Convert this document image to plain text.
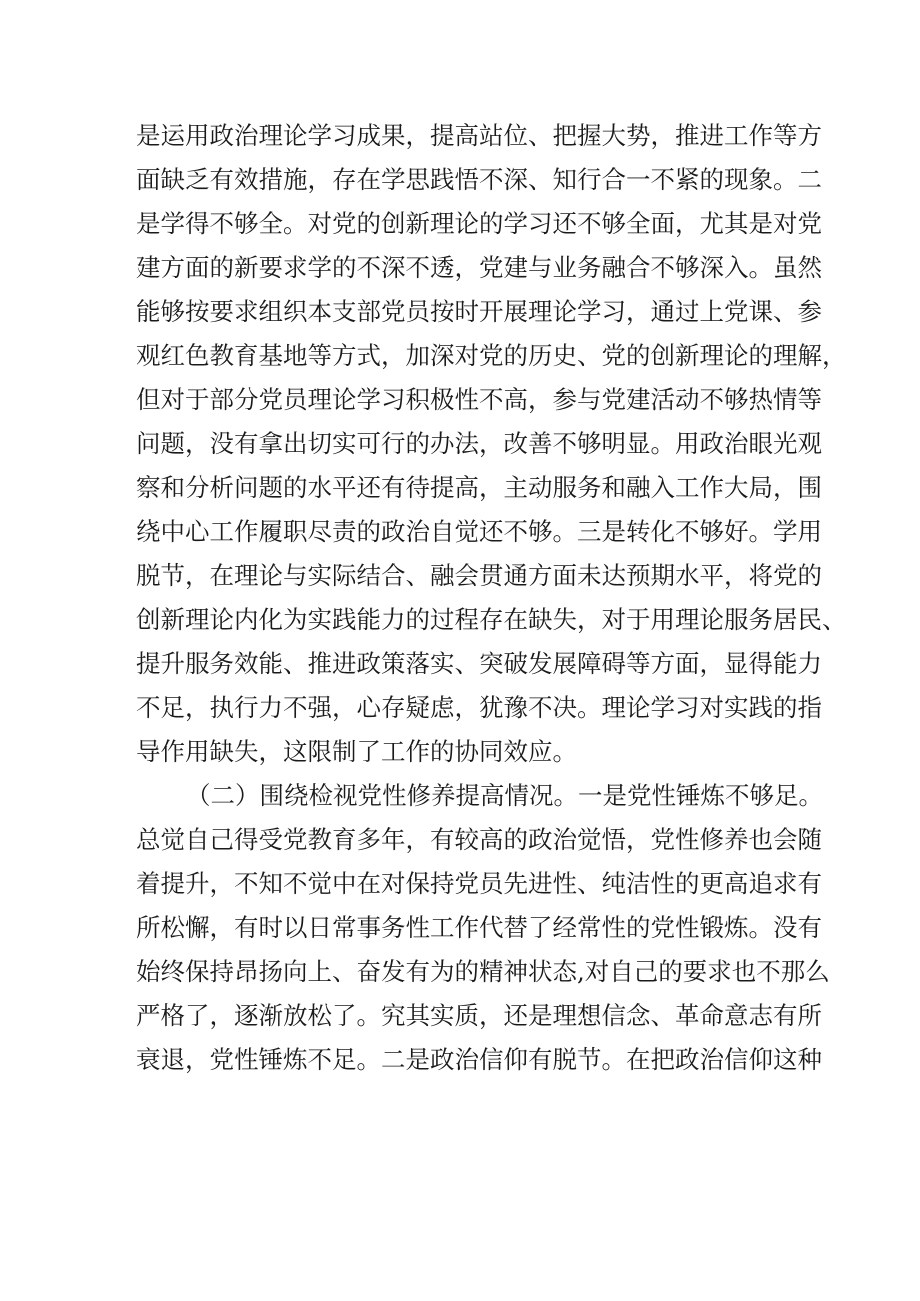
是运用政治理论学习成果，提高站位、把握大势，推进工作等方
面缺乏有效措施，存在学思践悟不深、知行合一不紧的现象。二
是学得不够全。对党的创新理论的学习还不够全面，尤其是对党
建方面的新要求学的不深不透，党建与业务融合不够深入。虽然
能够按要求组织本支部党员按时开展理论学习，通过上党课、参
观红色教育基地等方式，加深对党的历史、党的创新理论的理解，
但对于部分党员理论学习积极性不高，参与党建活动不够热情等
问题，没有拿出切实可行的办法，改善不够明显。用政治眼光观
察和分析问题的水平还有待提高，主动服务和融入工作大局，围
绕中心工作履职尽责的政治自觉还不够。三是转化不够好。学用
脱节，在理论与实际结合、融会贯通方面未达预期水平，将党的
创新理论内化为实践能力的过程存在缺失，对于用理论服务居民、
提升服务效能、推进政策落实、突破发展障碍等方面，显得能力
不足，执行力不强，心存疑虑，犹豫不决。理论学习对实践的指
导作用缺失，这限制了工作的协同效应。
（二）围绕检视党性修养提高情况。一是党性锤炼不够足。
总觉自己得受党教育多年，有较高的政治觉悟，党性修养也会随
着提升，不知不觉中在对保持党员先进性、纯洁性的更高追求有
所松懈，有时以日常事务性工作代替了经常性的党性锻炼。没有
始终保持昂扬向上、奋发有为的精神状态,对自己的要求也不那么
严格了，逐渐放松了。究其实质，还是理想信念、革命意志有所
衰退，党性锤炼不足。二是政治信仰有脱节。在把政治信仰这种
